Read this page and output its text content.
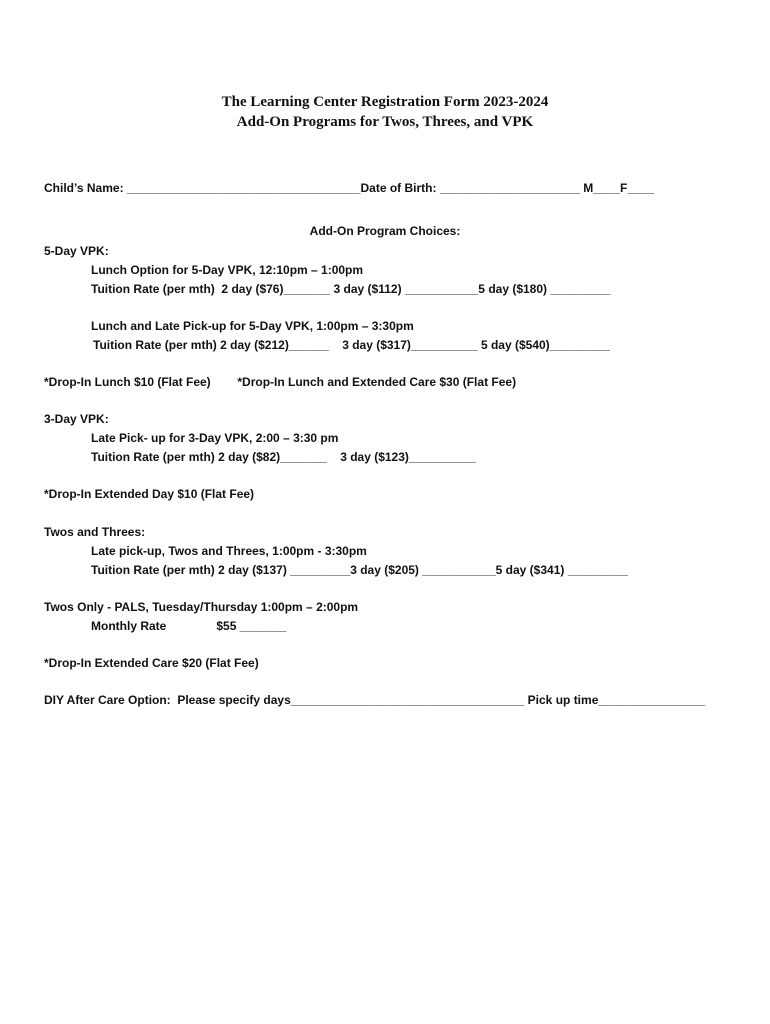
The Learning Center Registration Form 2023-2024
Add-On Programs for Twos, Threes, and VPK
Child’s Name: ___________________________________Date of Birth: _____________________ M____F____
Add-On Program Choices:
5-Day VPK:
Lunch Option for 5-Day VPK, 12:10pm – 1:00pm
Tuition Rate (per mth)  2 day ($76)_______ 3 day ($112) ___________5 day ($180) _________
Lunch and Late Pick-up for 5-Day VPK, 1:00pm – 3:30pm
Tuition Rate (per mth) 2 day ($212)______    3 day ($317)__________ 5 day ($540)_________
*Drop-In Lunch $10 (Flat Fee)        *Drop-In Lunch and Extended Care $30 (Flat Fee)
3-Day VPK:
Late Pick- up for 3-Day VPK, 2:00 – 3:30 pm
Tuition Rate (per mth) 2 day ($82)_______    3 day ($123)__________
*Drop-In Extended Day $10 (Flat Fee)
Twos and Threes:
Late pick-up, Twos and Threes, 1:00pm - 3:30pm
Tuition Rate (per mth) 2 day ($137) _________3 day ($205) ___________5 day ($341) _________
Twos Only - PALS, Tuesday/Thursday 1:00pm – 2:00pm
Monthly Rate               $55 _______
*Drop-In Extended Care $20 (Flat Fee)
DIY After Care Option:  Please specify days___________________________________ Pick up time________________
